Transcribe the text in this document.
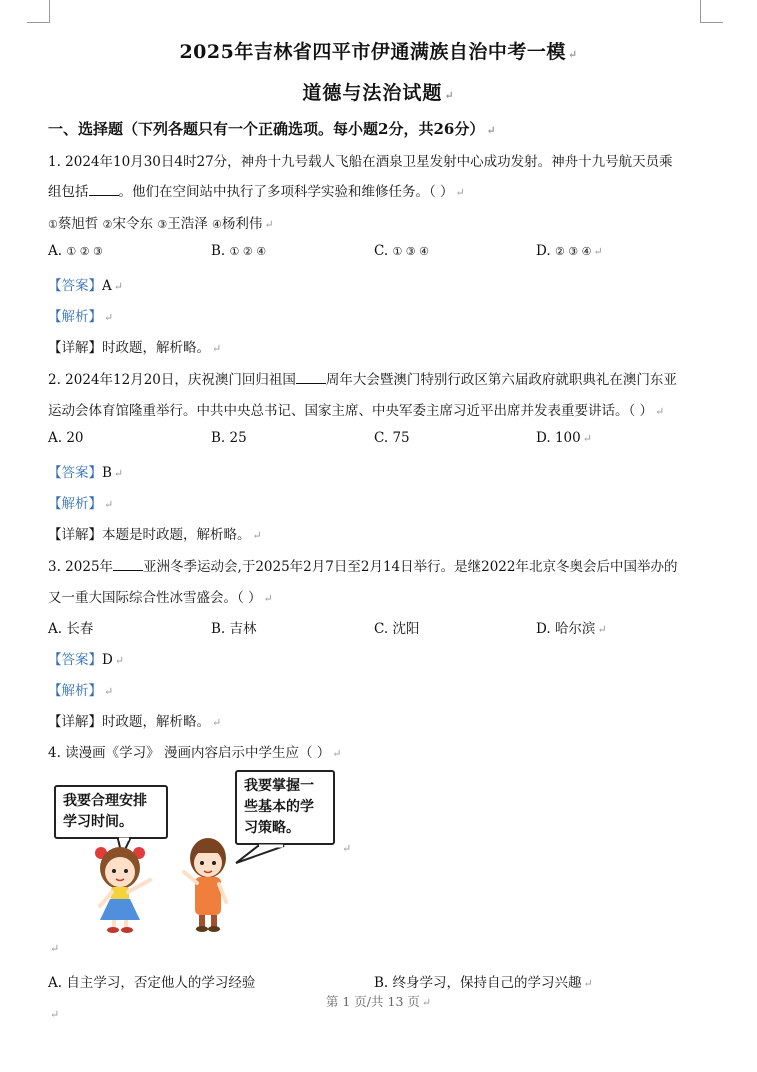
2025年吉林省四平市伊通满族自治中考一模 ↵
道德与法治试题 ↵
一、选择题（下列各题只有一个正确选项。每小题2分，共26分） ↵
1. 2024年10月30日4时27分，神舟十九号载人飞船在酒泉卫星发射中心成功发射。神舟十九号航天员乘
组包括 。他们在空间站中执行了多项科学实验和维修任务。（ ） ↵
①蔡旭哲 ②宋令东 ③王浩泽 ④杨利伟 ↵
A. ① ② ③	B. ① ② ④	C. ① ③ ④	D. ② ③ ④ ↵
【答案】A ↵
【解析】 ↵
【详解】时政题，解析略。 ↵
2. 2024年12月20日，庆祝澳门回归祖国 周年大会暨澳门特别行政区第六届政府就职典礼在澳门东亚
运动会体育馆隆重举行。中共中央总书记、国家主席、中央军委主席习近平出席并发表重要讲话。（ ） ↵
A. 20	B. 25	C. 75	D. 100 ↵
【答案】B ↵
【解析】 ↵
【详解】本题是时政题，解析略。 ↵
3. 2025年 亚洲冬季运动会,于2025年2月7日至2月14日举行。是继2022年北京冬奥会后中国举办的
又一重大国际综合性冰雪盛会。（ ） ↵
A. 长春	B. 吉林	C. 沈阳	D. 哈尔滨 ↵
【答案】D ↵
【解析】 ↵
【详解】时政题，解析略。 ↵
4. 读漫画《学习》 漫画内容启示中学生应（ ） ↵
我要合理安排
学习时间。
我要掌握一
些基本的学
习策略。
↵
↵
A. 自主学习，否定他人的学习经验	B. 终身学习，保持自己的学习兴趣 ↵
第 1 页/共 13 页 ↵
↵
